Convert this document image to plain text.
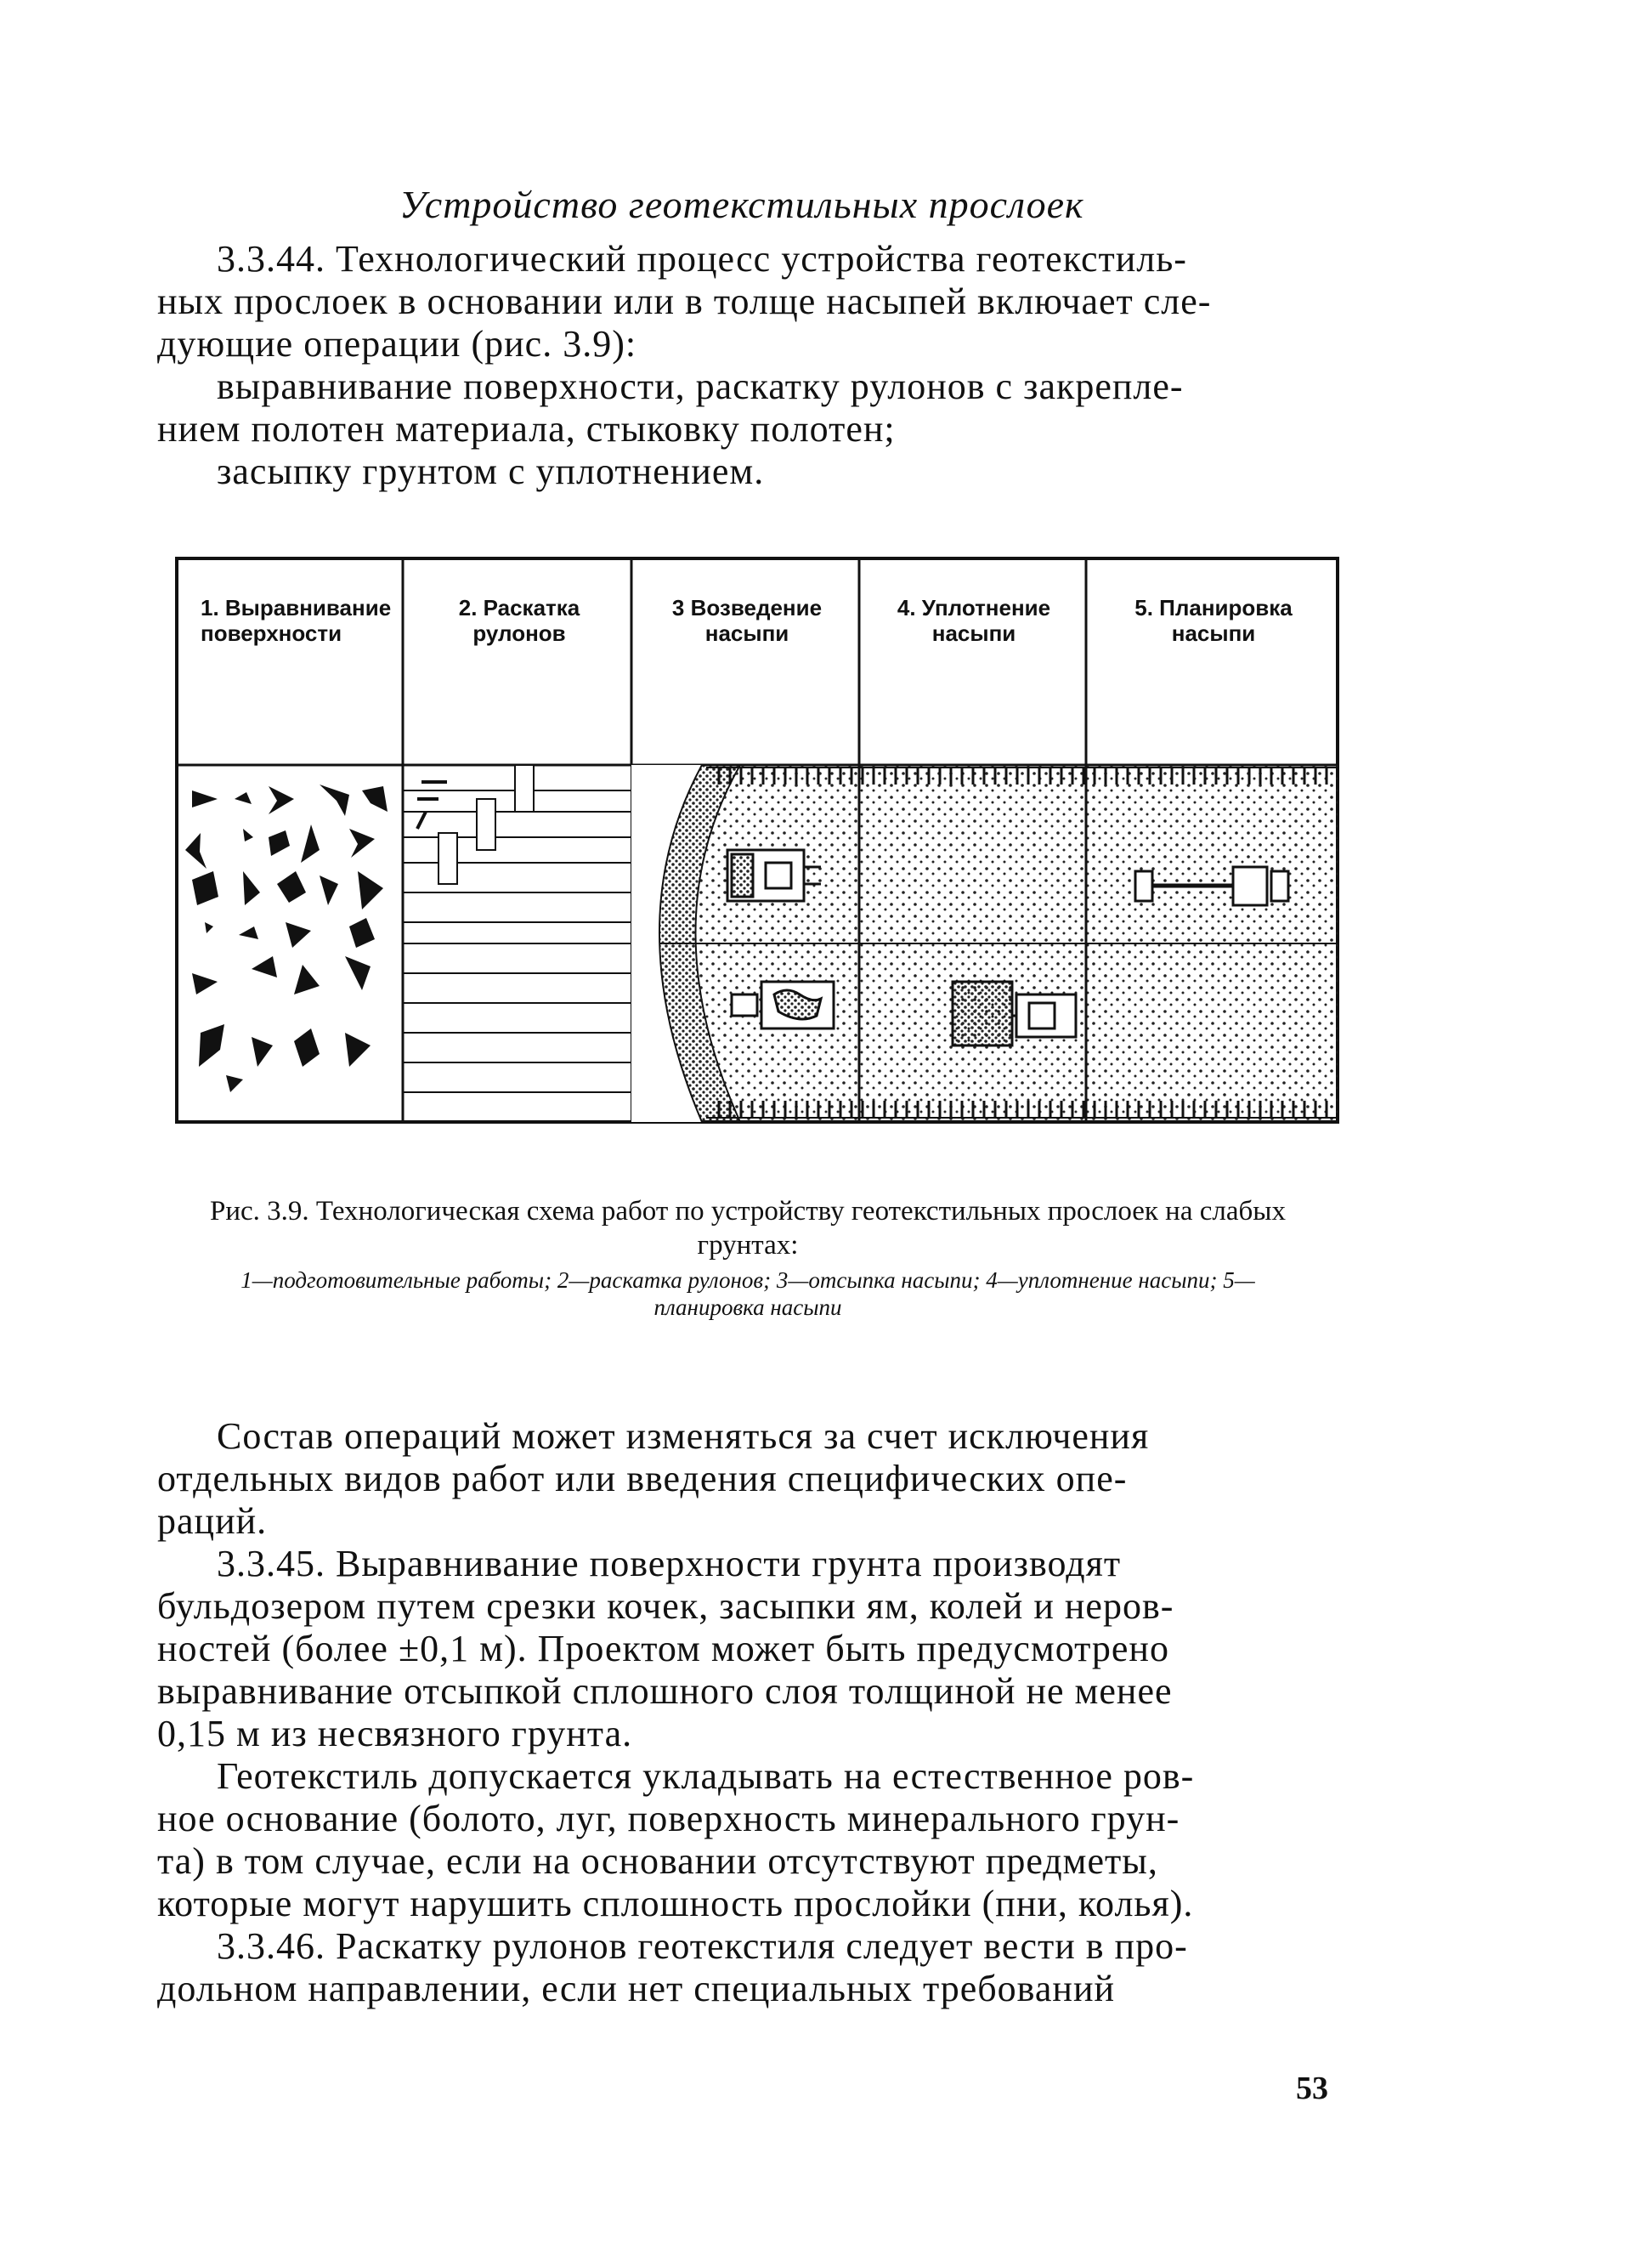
Устройство геотекстильных прослоек
3.3.44. Технологический процесс устройства геотекстиль-
ных прослоек в основании или в толще насыпей включает сле-
дующие операции (рис. 3.9):
выравнивание поверхности, раскатку рулонов с закрепле-
нием полотен материала, стыковку полотен;
засыпку грунтом с уплотнением.
1. Выравнивание поверхности
2. Раскатка рулонов
3 Возведение насыпи
4. Уплотнение насыпи
5. Планировка насыпи
Рис. 3.9. Технологическая схема работ по устройству геотекстильных прослоек на слабых грунтах:
1—подготовительные работы; 2—раскатка рулонов; 3—отсыпка насыпи; 4—уплотнение насыпи; 5—планировка насыпи
Состав операций может изменяться за счет исключения
отдельных видов работ или введения специфических опе-
раций.
3.3.45. Выравнивание поверхности грунта производят
бульдозером путем срезки кочек, засыпки ям, колей и неров-
ностей (более ±0,1 м). Проектом может быть предусмотрено
выравнивание отсыпкой сплошного слоя толщиной не менее
0,15 м из несвязного грунта.
Геотекстиль допускается укладывать на естественное ров-
ное основание (болото, луг, поверхность минерального грун-
та) в том случае, если на основании отсутствуют предметы,
которые могут нарушить сплошность прослойки (пни, колья).
3.3.46. Раскатку рулонов геотекстиля следует вести в про-
дольном направлении, если нет специальных требований
53
